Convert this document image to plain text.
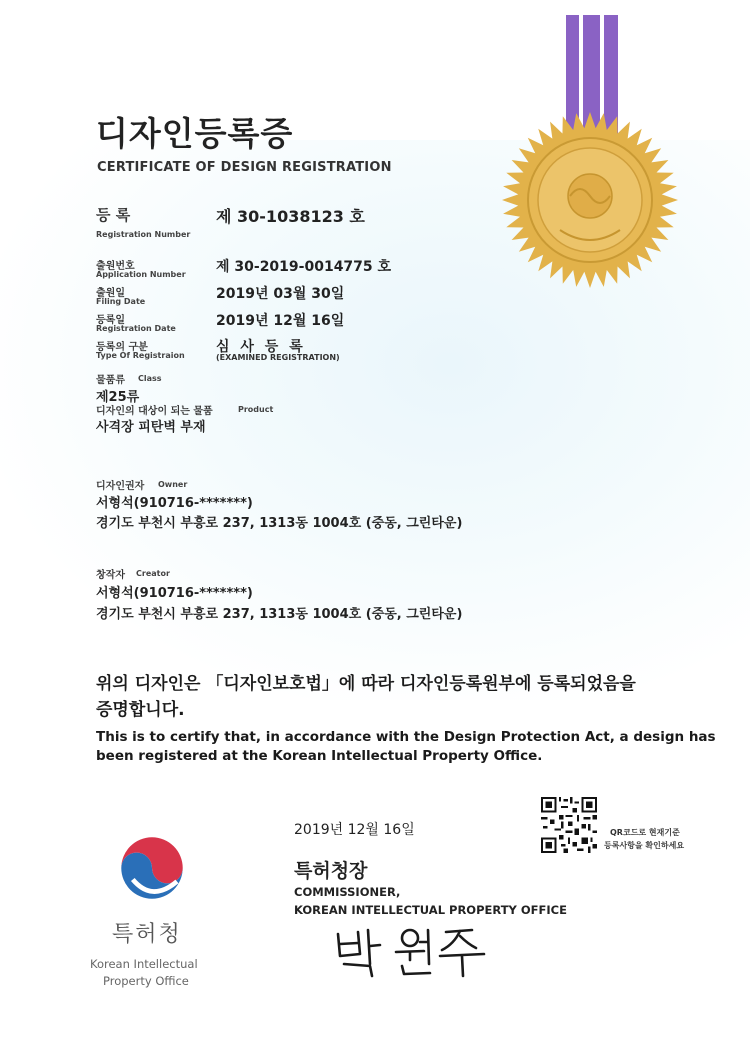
디자인등록증
CERTIFICATE OF DESIGN REGISTRATION
등 록
Registration Number
제 30-1038123 호
출원번호
Application Number 제 30-2019-0014775 호
출원일
Filing Date	2019년 03월 30일
등록일
Registration Date	2019년 12월 16일
등록의 구분
Type Of Registraion
심 사 등 록
(EXAMINED REGISTRATION)
물품류 Class
제25류
디자인의 대상이 되는 물품	Product
사격장 피탄벽 부재
디자인권자 Owner
서형석(910716-*******)
경기도 부천시 부흥로 237, 1313동 1004호 (중동, 그린타운)
창작자 Creator
서형석(910716-*******)
경기도 부천시 부흥로 237, 1313동 1004호 (중동, 그린타운)
위의 디자인은 「디자인보호법」에 따라 디자인등록원부에 등록되었음을
증명합니다.
This is to certify that, in accordance with the Design Protection Act, a design has
been registered at the Korean Intellectual Property Office.
2019년 12월 16일	QR코드로 현재기준
등록사항을 확인하세요
특허청장
COMMISSIONER,
KOREAN INTELLECTUAL PROPERTY OFFICE
특허청
Korean Intellectual
Property Office
